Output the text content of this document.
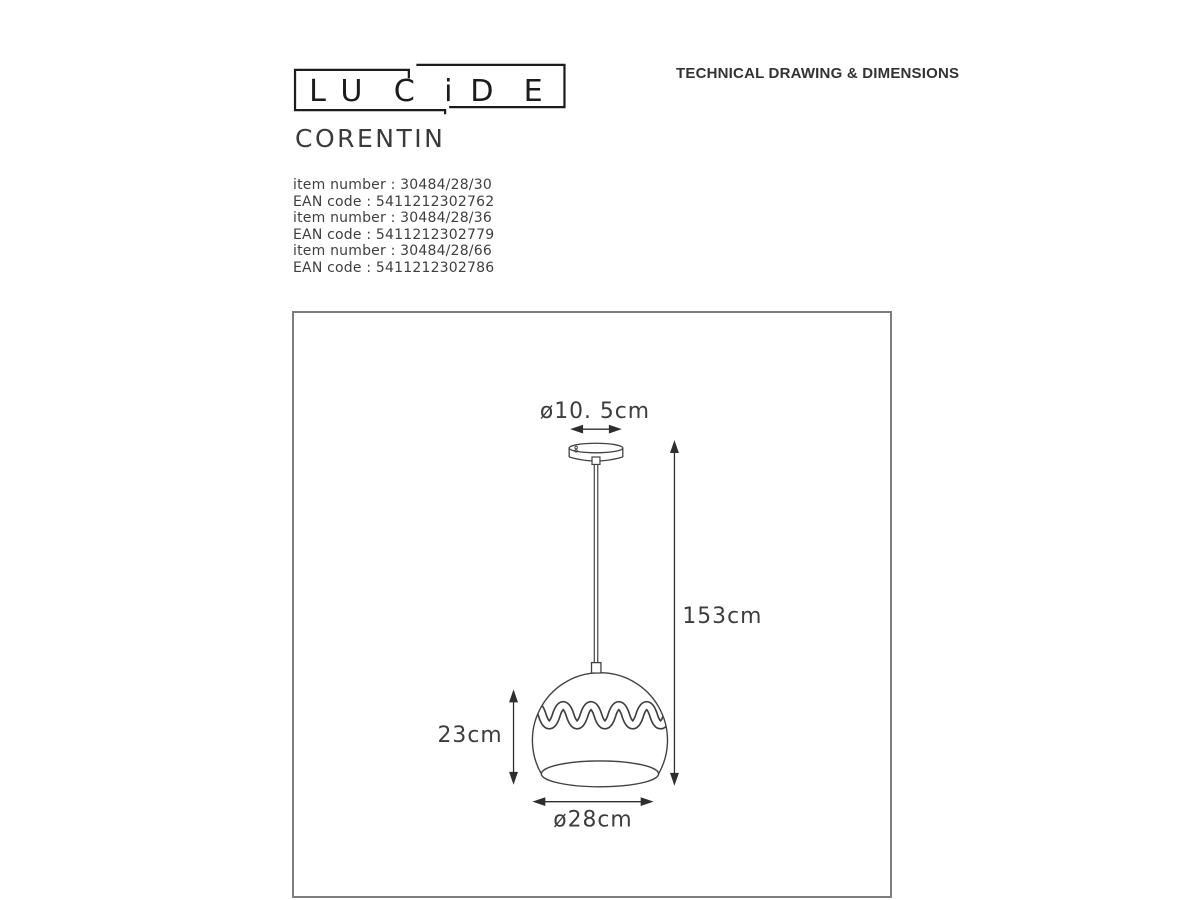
L U C i D E
CORENTIN
TECHNICAL DRAWING & DIMENSIONS
item number : 30484/28/30
EAN code : 5411212302762
item number : 30484/28/36
EAN code : 5411212302779
item number : 30484/28/66
EAN code : 5411212302786
ø10. 5cm
153cm
23cm
ø28cm
